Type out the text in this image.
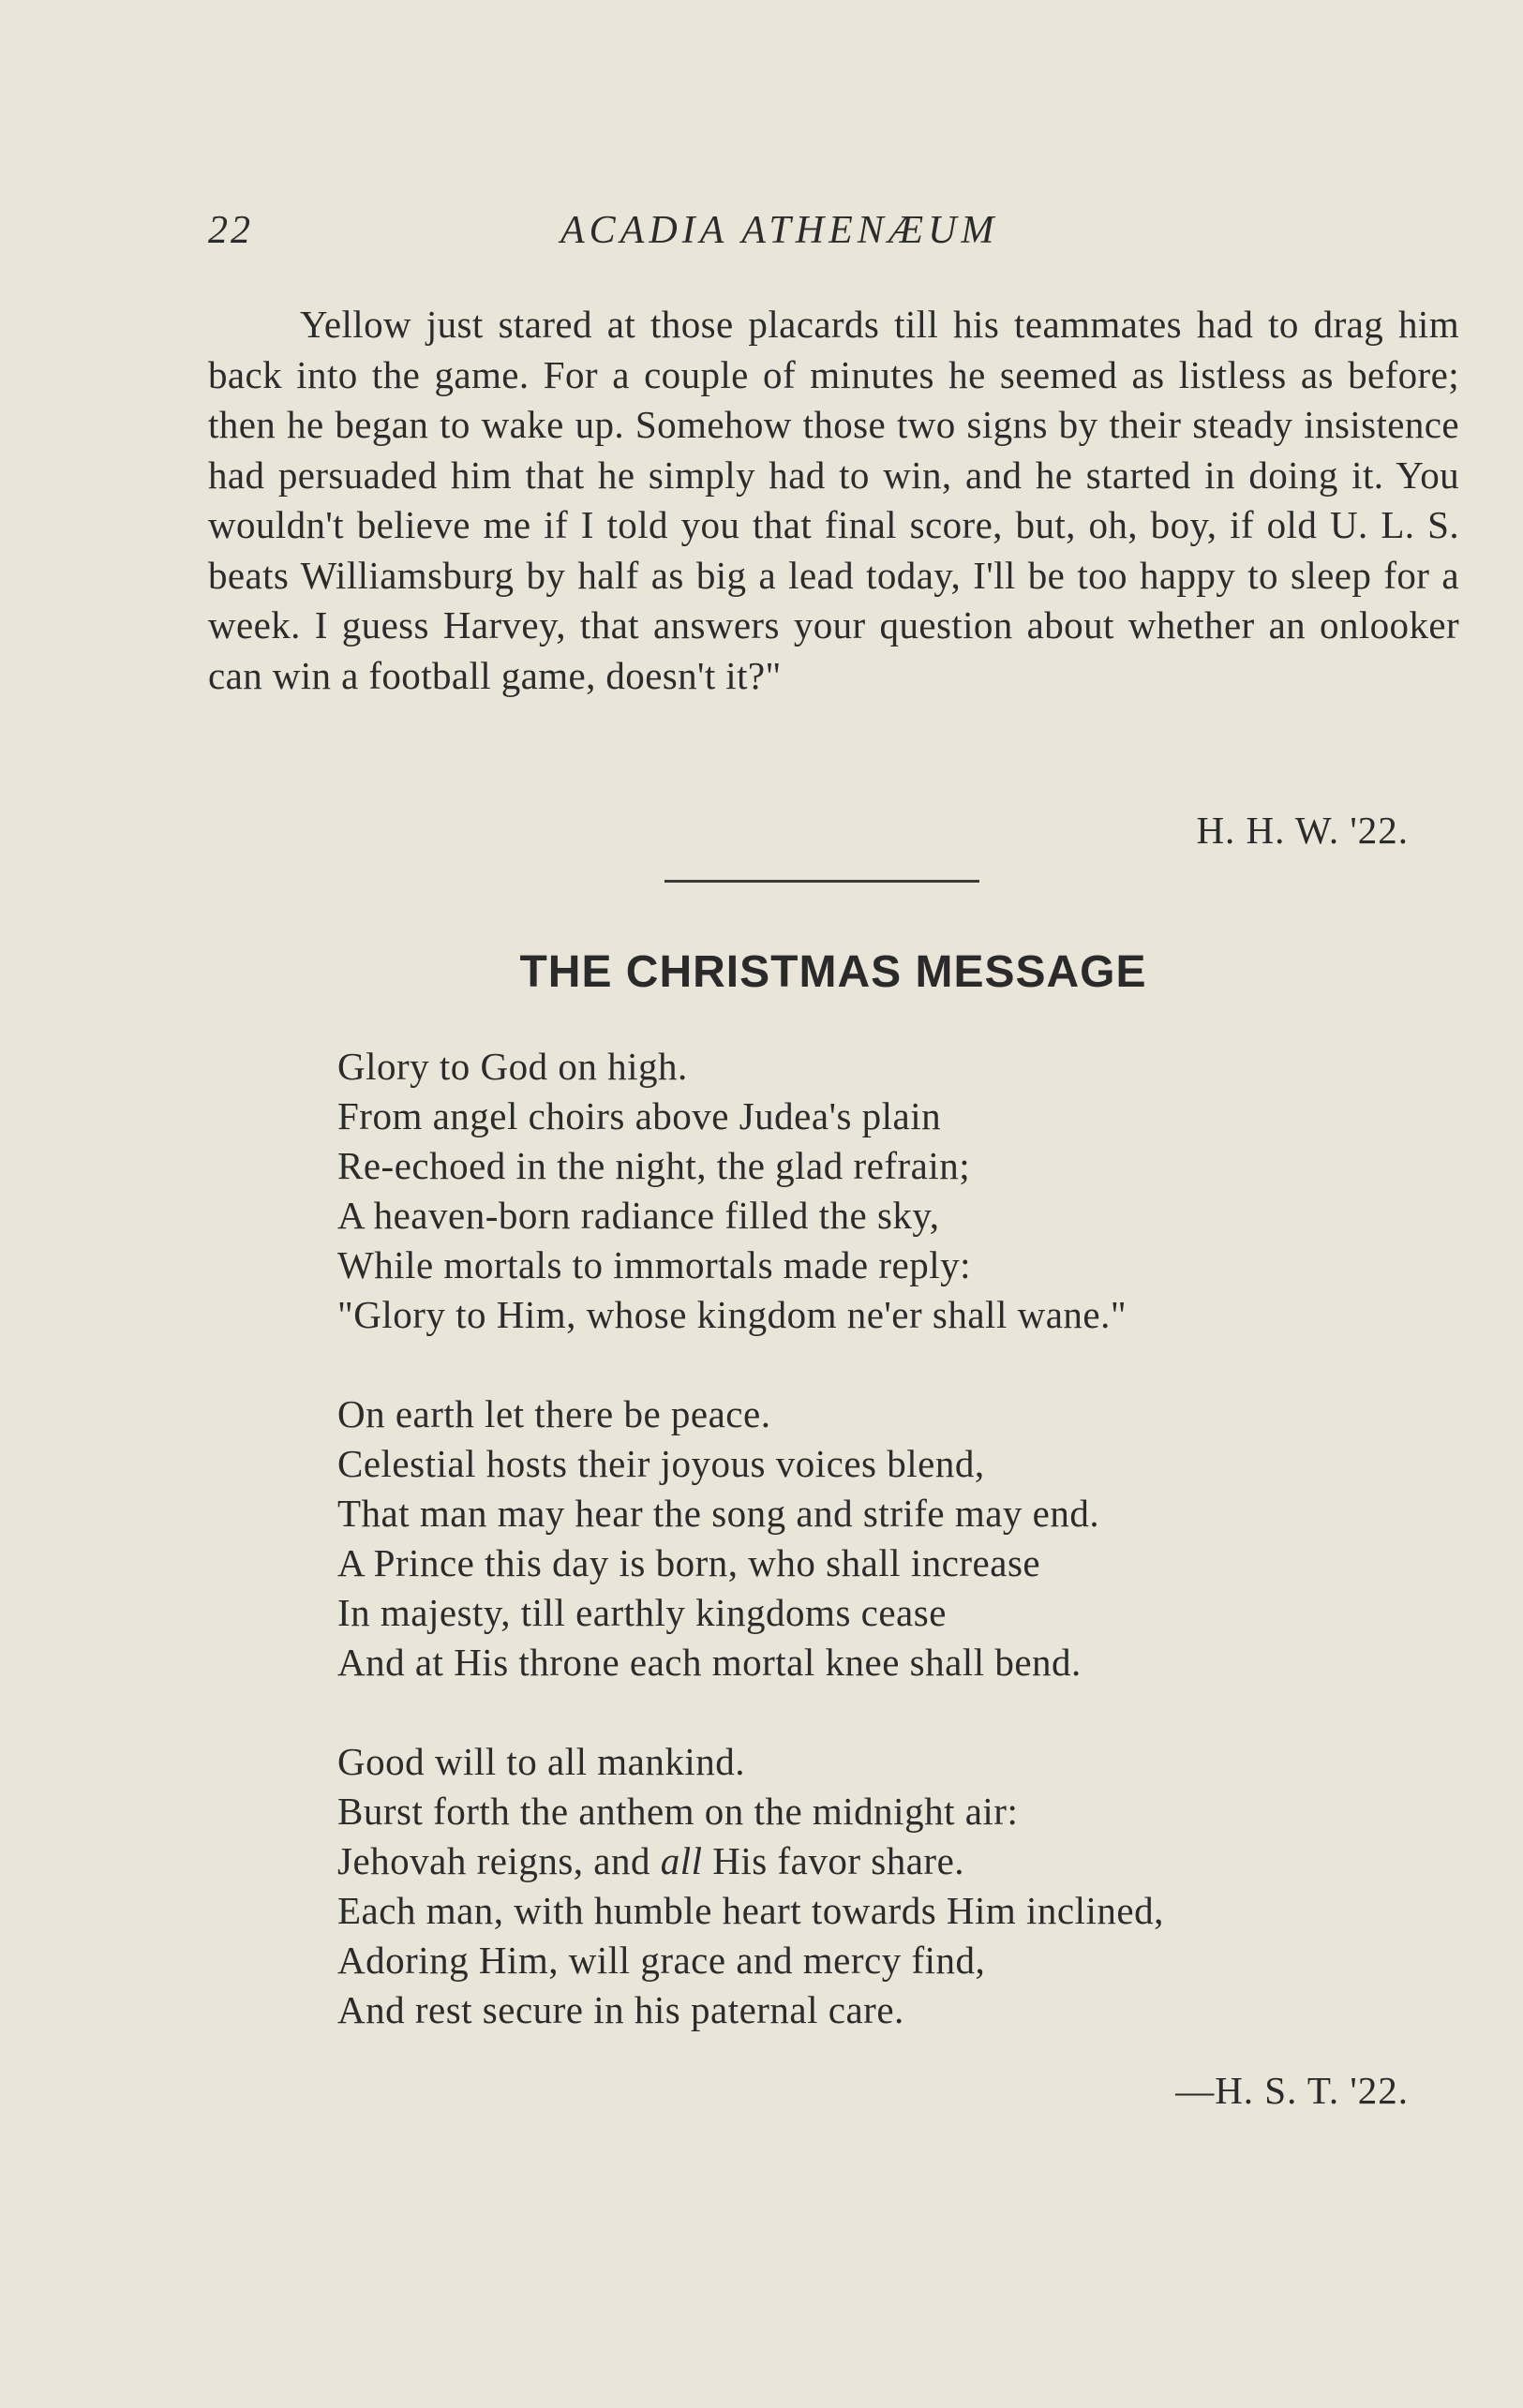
22	ACADIA ATHENÆUM

Yellow just stared at those placards till his teammates had to drag him back into the game. For a couple of minutes he seemed as listless as before; then he began to wake up. Somehow those two signs by their steady insistence had persuaded him that he simply had to win, and he started in doing it. You wouldn't believe me if I told you that final score, but, oh, boy, if old U. L. S. beats Williamsburg by half as big a lead today, I'll be too happy to sleep for a week. I guess Harvey, that answers your question about whether an onlooker can win a football game, doesn't it?"

H. H. W. '22.
THE CHRISTMAS MESSAGE
Glory to God on high.
From angel choirs above Judea's plain
Re-echoed in the night, the glad refrain;
A heaven-born radiance filled the sky,
While mortals to immortals made reply:
"Glory to Him, whose kingdom ne'er shall wane."
On earth let there be peace.
Celestial hosts their joyous voices blend,
That man may hear the song and strife may end.
A Prince this day is born, who shall increase
In majesty, till earthly kingdoms cease
And at His throne each mortal knee shall bend.
Good will to all mankind.
Burst forth the anthem on the midnight air:
Jehovah reigns, and all His favor share.
Each man, with humble heart towards Him inclined,
Adoring Him, will grace and mercy find,
And rest secure in his paternal care.
—H. S. T. '22.
